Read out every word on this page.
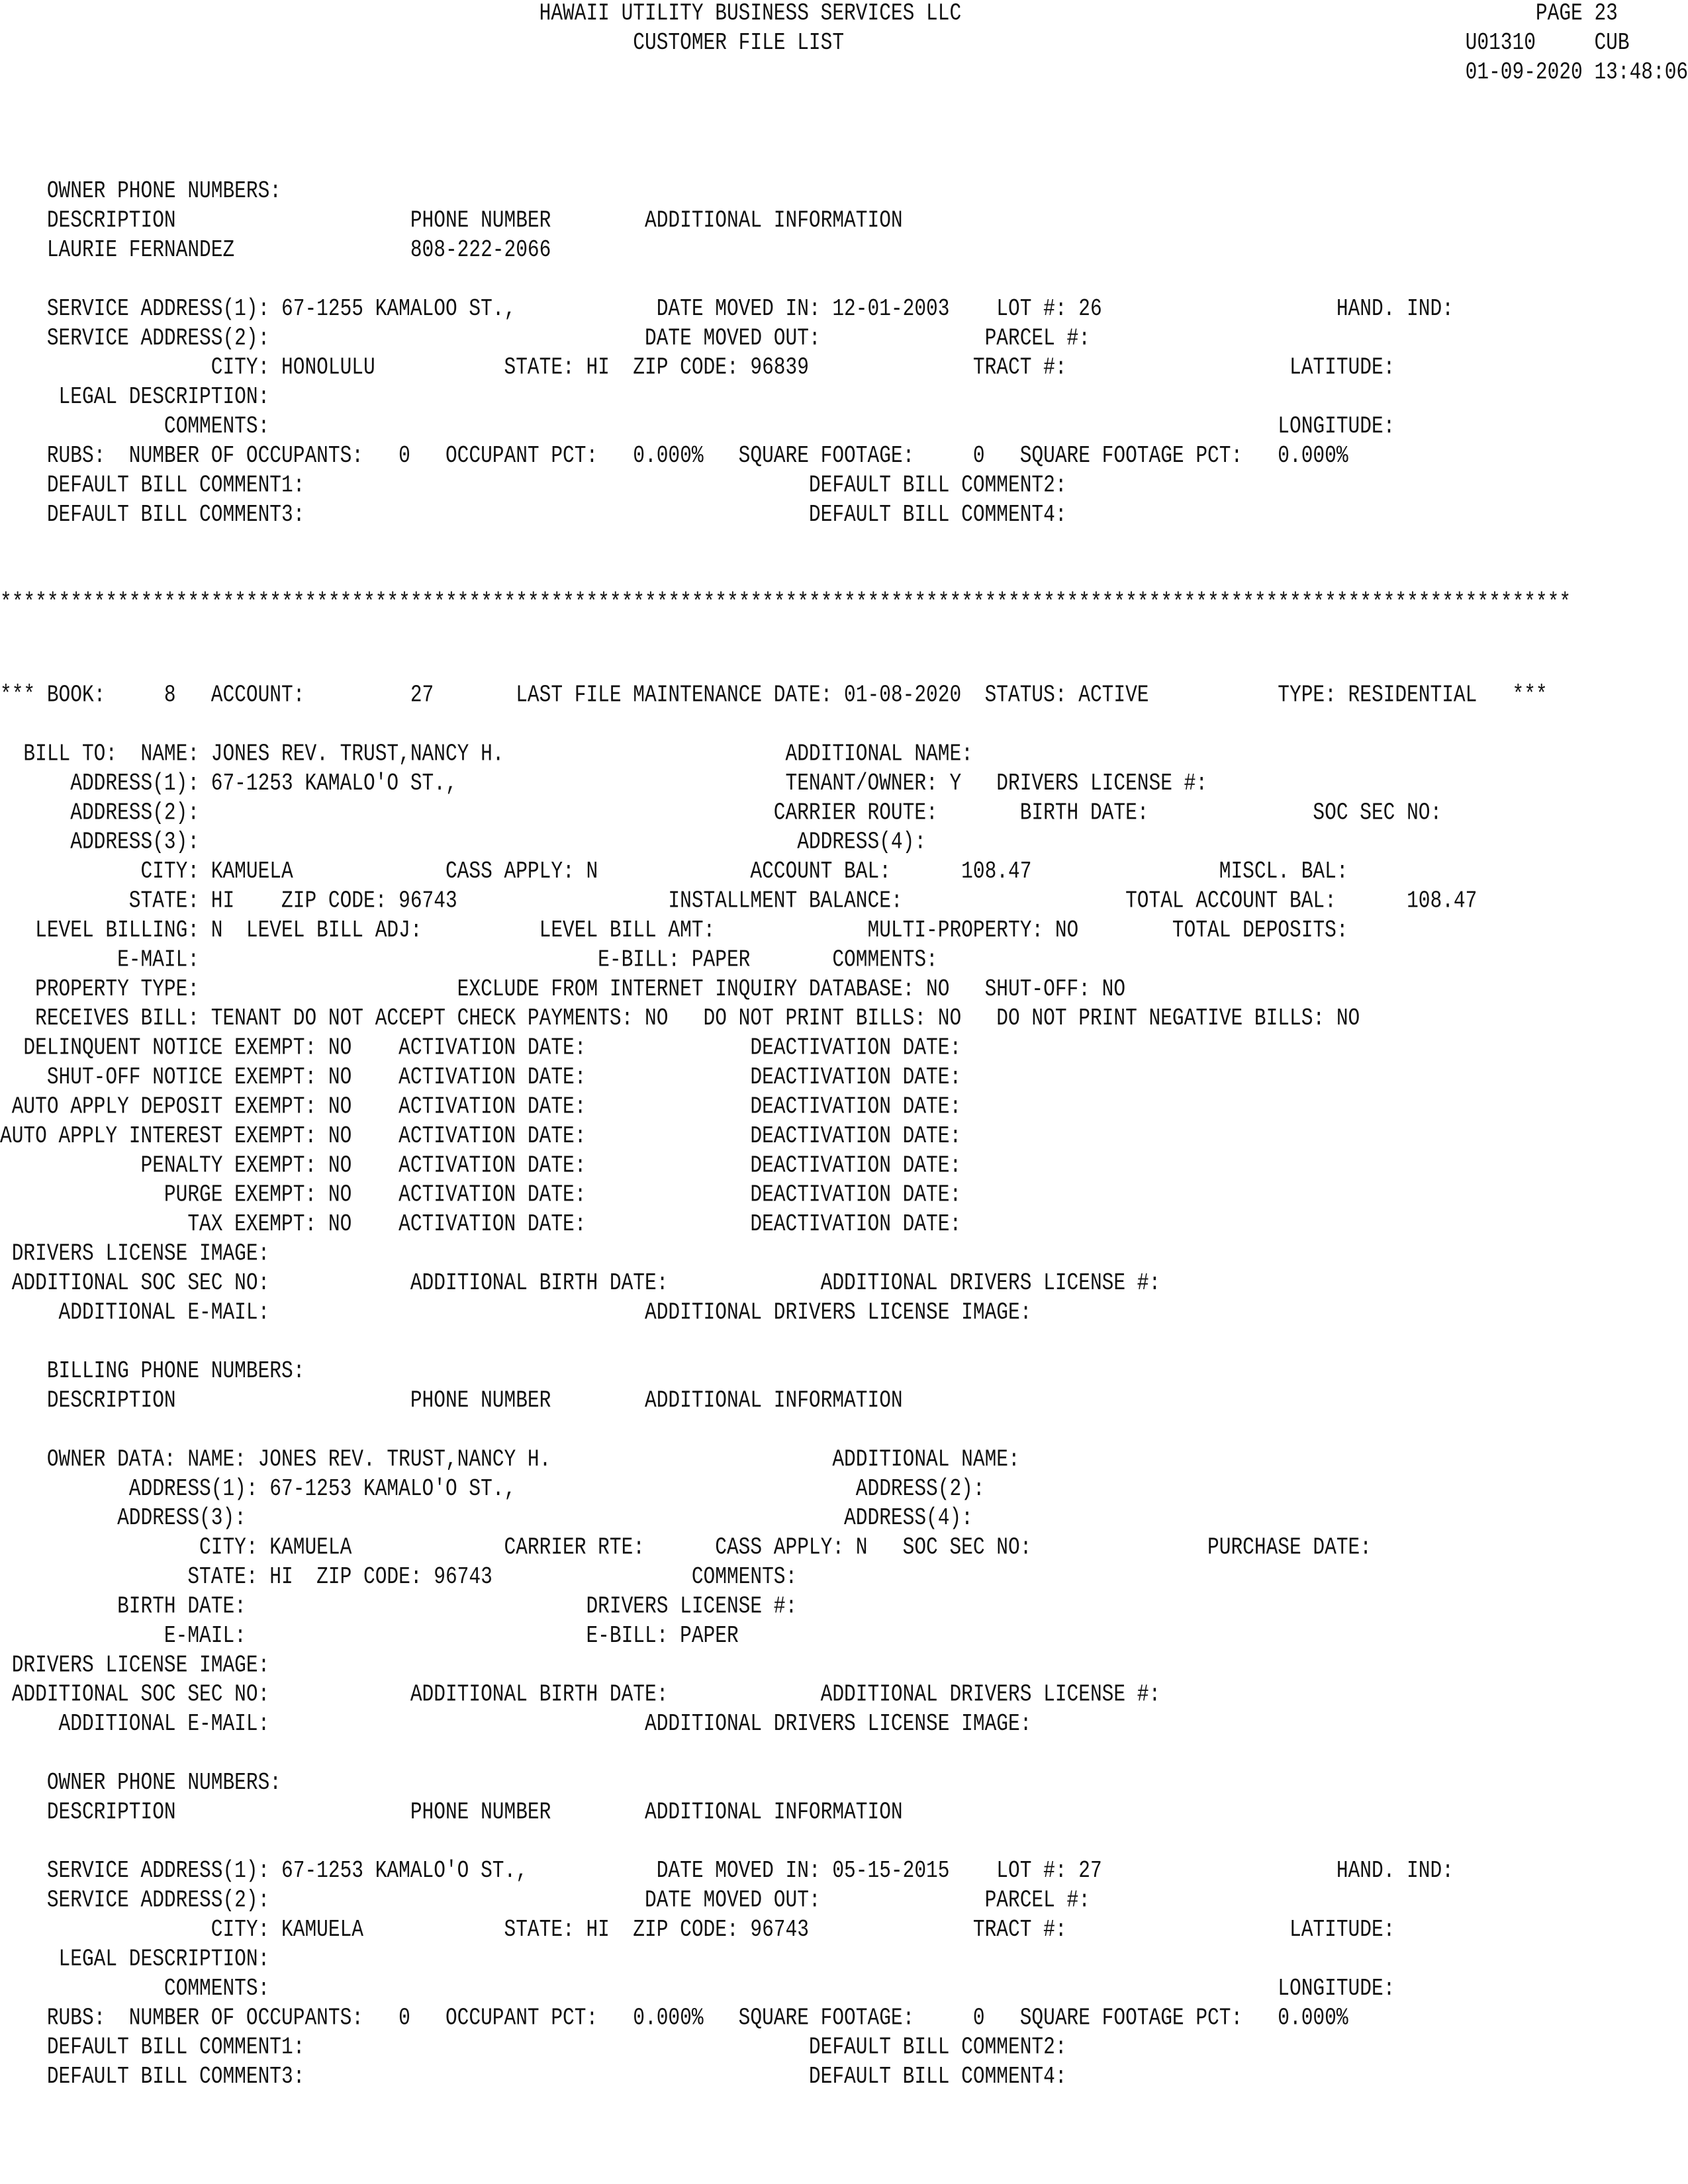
HAWAII UTILITY BUSINESS SERVICES LLC                                                 PAGE 23
CUSTOMER FILE LIST                                                     U01310     CUB
01-09-2020 13:48:06
OWNER PHONE NUMBERS:
DESCRIPTION                    PHONE NUMBER        ADDITIONAL INFORMATION
LAURIE FERNANDEZ               808-222-2066
SERVICE ADDRESS(1): 67-1255 KAMALOO ST.,            DATE MOVED IN: 12-01-2003    LOT #: 26                    HAND. IND:
SERVICE ADDRESS(2):                                DATE MOVED OUT:              PARCEL #:
CITY: HONOLULU           STATE: HI  ZIP CODE: 96839              TRACT #:                   LATITUDE:
LEGAL DESCRIPTION:
COMMENTS:                                                                                      LONGITUDE:
RUBS:  NUMBER OF OCCUPANTS:   0   OCCUPANT PCT:   0.000%   SQUARE FOOTAGE:     0   SQUARE FOOTAGE PCT:   0.000%
DEFAULT BILL COMMENT1:                                           DEFAULT BILL COMMENT2:
DEFAULT BILL COMMENT3:                                           DEFAULT BILL COMMENT4:
**************************************************************************************************************************************
*** BOOK:     8   ACCOUNT:         27       LAST FILE MAINTENANCE DATE: 01-08-2020  STATUS: ACTIVE           TYPE: RESIDENTIAL   ***
BILL TO:  NAME: JONES REV. TRUST,NANCY H.                        ADDITIONAL NAME:
ADDRESS(1): 67-1253 KAMALO'O ST.,                            TENANT/OWNER: Y   DRIVERS LICENSE #:
ADDRESS(2):                                                 CARRIER ROUTE:       BIRTH DATE:              SOC SEC NO:
ADDRESS(3):                                                   ADDRESS(4):
CITY: KAMUELA             CASS APPLY: N             ACCOUNT BAL:      108.47                MISCL. BAL:
STATE: HI    ZIP CODE: 96743                  INSTALLMENT BALANCE:                   TOTAL ACCOUNT BAL:      108.47
LEVEL BILLING: N  LEVEL BILL ADJ:          LEVEL BILL AMT:             MULTI-PROPERTY: NO        TOTAL DEPOSITS:
E-MAIL:                                  E-BILL: PAPER       COMMENTS:
PROPERTY TYPE:                      EXCLUDE FROM INTERNET INQUIRY DATABASE: NO   SHUT-OFF: NO
RECEIVES BILL: TENANT DO NOT ACCEPT CHECK PAYMENTS: NO   DO NOT PRINT BILLS: NO   DO NOT PRINT NEGATIVE BILLS: NO
DELINQUENT NOTICE EXEMPT: NO    ACTIVATION DATE:              DEACTIVATION DATE:
SHUT-OFF NOTICE EXEMPT: NO    ACTIVATION DATE:              DEACTIVATION DATE:
AUTO APPLY DEPOSIT EXEMPT: NO    ACTIVATION DATE:              DEACTIVATION DATE:
AUTO APPLY INTEREST EXEMPT: NO    ACTIVATION DATE:              DEACTIVATION DATE:
PENALTY EXEMPT: NO    ACTIVATION DATE:              DEACTIVATION DATE:
PURGE EXEMPT: NO    ACTIVATION DATE:              DEACTIVATION DATE:
TAX EXEMPT: NO    ACTIVATION DATE:              DEACTIVATION DATE:
DRIVERS LICENSE IMAGE:
ADDITIONAL SOC SEC NO:            ADDITIONAL BIRTH DATE:             ADDITIONAL DRIVERS LICENSE #:
ADDITIONAL E-MAIL:                                ADDITIONAL DRIVERS LICENSE IMAGE:
BILLING PHONE NUMBERS:
DESCRIPTION                    PHONE NUMBER        ADDITIONAL INFORMATION
OWNER DATA: NAME: JONES REV. TRUST,NANCY H.                        ADDITIONAL NAME:
ADDRESS(1): 67-1253 KAMALO'O ST.,                             ADDRESS(2):
ADDRESS(3):                                                   ADDRESS(4):
CITY: KAMUELA             CARRIER RTE:      CASS APPLY: N   SOC SEC NO:               PURCHASE DATE:
STATE: HI  ZIP CODE: 96743                 COMMENTS:
BIRTH DATE:                             DRIVERS LICENSE #:
E-MAIL:                             E-BILL: PAPER
DRIVERS LICENSE IMAGE:
ADDITIONAL SOC SEC NO:            ADDITIONAL BIRTH DATE:             ADDITIONAL DRIVERS LICENSE #:
ADDITIONAL E-MAIL:                                ADDITIONAL DRIVERS LICENSE IMAGE:
OWNER PHONE NUMBERS:
DESCRIPTION                    PHONE NUMBER        ADDITIONAL INFORMATION
SERVICE ADDRESS(1): 67-1253 KAMALO'O ST.,           DATE MOVED IN: 05-15-2015    LOT #: 27                    HAND. IND:
SERVICE ADDRESS(2):                                DATE MOVED OUT:              PARCEL #:
CITY: KAMUELA            STATE: HI  ZIP CODE: 96743              TRACT #:                   LATITUDE:
LEGAL DESCRIPTION:
COMMENTS:                                                                                      LONGITUDE:
RUBS:  NUMBER OF OCCUPANTS:   0   OCCUPANT PCT:   0.000%   SQUARE FOOTAGE:     0   SQUARE FOOTAGE PCT:   0.000%
DEFAULT BILL COMMENT1:                                           DEFAULT BILL COMMENT2:
DEFAULT BILL COMMENT3:                                           DEFAULT BILL COMMENT4:
